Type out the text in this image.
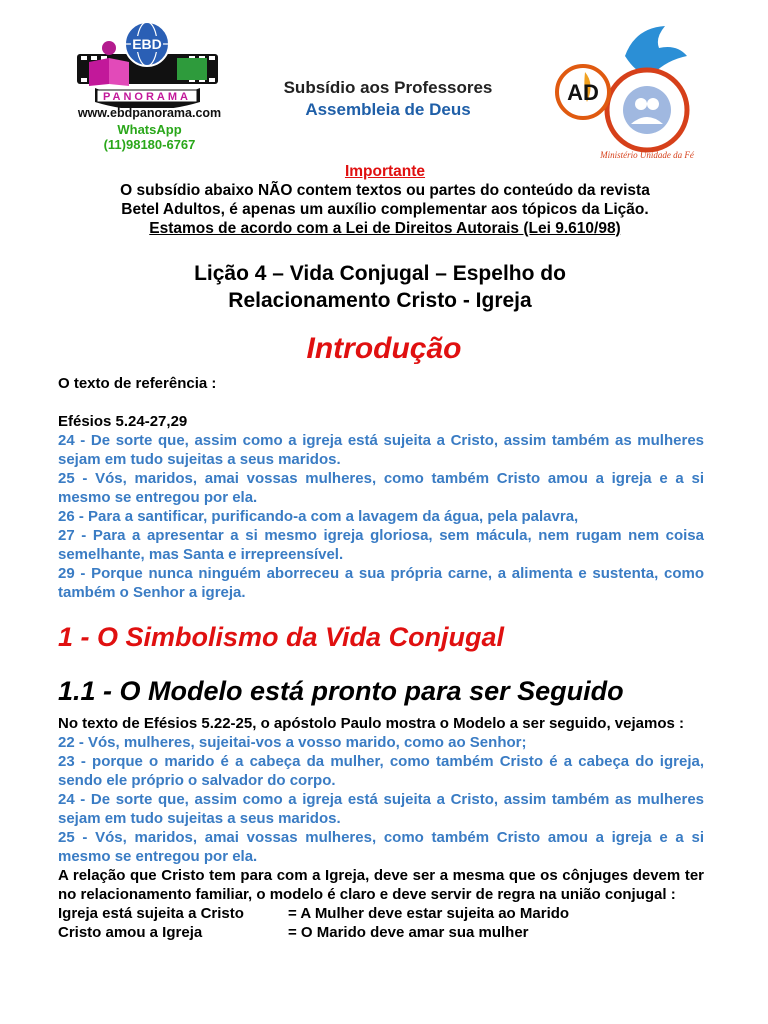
EBD
PANORAMA
www.ebdpanorama.com
WhatsApp
(11)98180-6767
Subsídio aos Professores
Assembleia de Deus
AD
Ministério Unidade da Fé
Importante
O subsídio abaixo NÃO contem textos ou partes do conteúdo da revista
Betel Adultos, é apenas um auxílio complementar aos tópicos da Lição.
Estamos de acordo com a Lei de Direitos Autorais (Lei 9.610/98)
Lição 4 – Vida Conjugal – Espelho do
Relacionamento Cristo - Igreja
Introdução

O texto de referência :

Efésios 5.24-27,29

24 - De sorte que, assim como a igreja está sujeita a Cristo, assim também as mulheres sejam em tudo sujeitas a seus maridos.

25 - Vós, maridos, amai vossas mulheres, como também Cristo amou a igreja e a si mesmo se entregou por ela.

26 - Para a santificar, purificando-a com a lavagem da água, pela palavra,

27 - Para a apresentar a si mesmo igreja gloriosa, sem mácula, nem rugam nem coisa semelhante, mas Santa e irrepreensível.

29 - Porque nunca ninguém aborreceu a sua própria carne, a alimenta e sustenta, como também o Senhor a igreja.

1 - O Simbolismo da Vida Conjugal
1.1 - O Modelo está pronto para ser Seguido

No texto de Efésios 5.22-25, o apóstolo Paulo mostra o Modelo a ser seguido, vejamos :

22 - Vós, mulheres, sujeitai-vos a vosso marido, como ao Senhor;

23 - porque o marido é a cabeça da mulher, como também Cristo é a cabeça do igreja, sendo ele próprio o salvador do corpo.

24 - De sorte que, assim como a igreja está sujeita a Cristo, assim também as mulheres sejam em tudo sujeitas a seus maridos.

25 - Vós, maridos, amai vossas mulheres, como também Cristo amou a igreja e a si mesmo se entregou por ela.

A relação que Cristo tem para com a Igreja, deve ser a mesma que os cônjuges devem ter no relacionamento familiar, o modelo é claro e deve servir de regra na união conjugal :

Igreja está sujeita a Cristo	= A Mulher deve estar sujeita ao Marido
Cristo amou a Igreja	= O Marido deve amar sua mulher
